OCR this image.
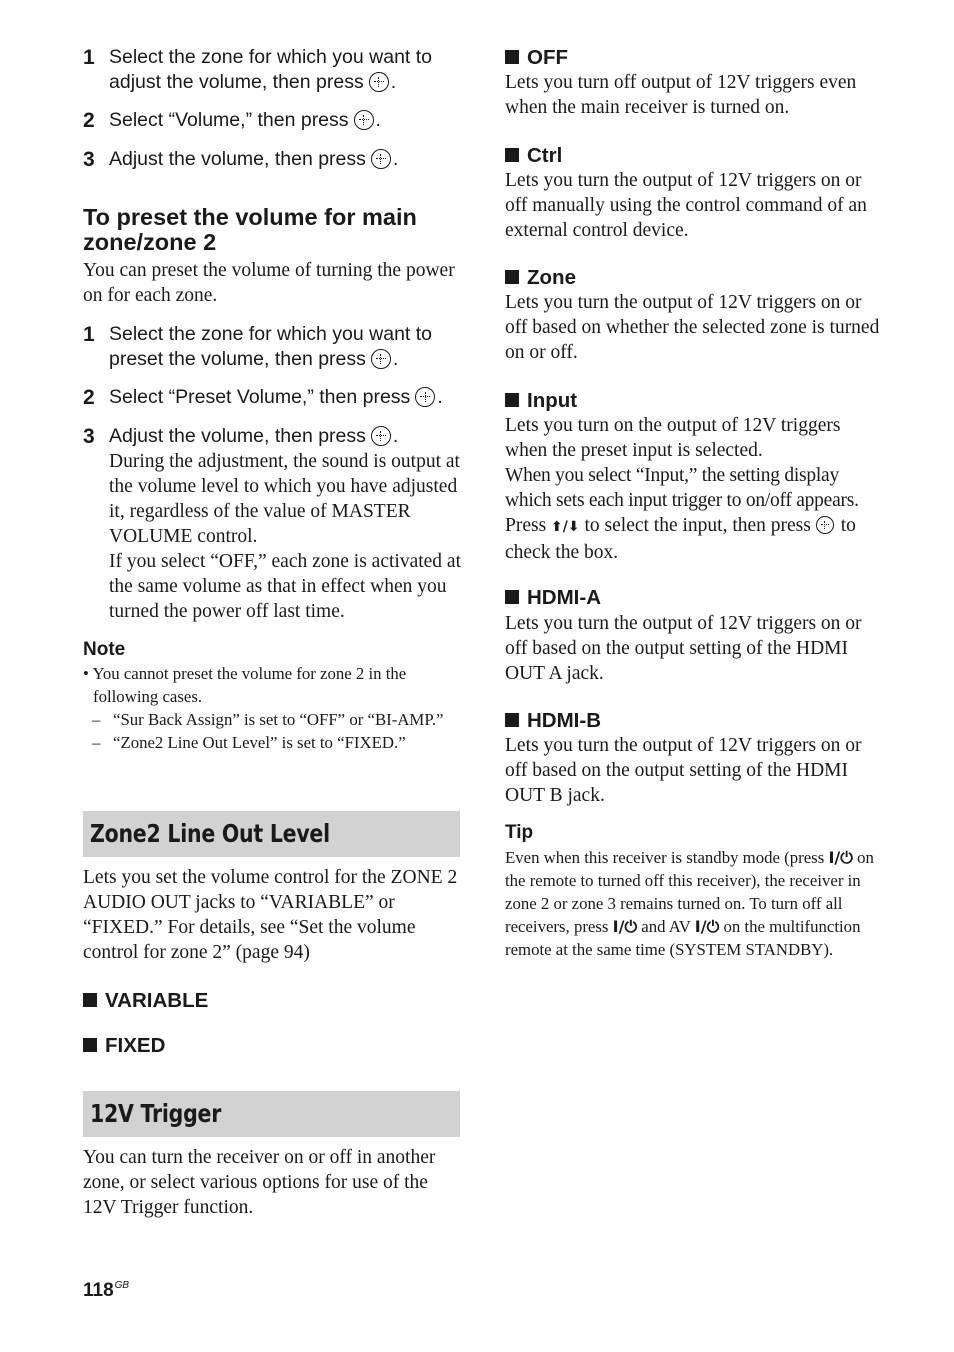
1 Select the zone for which you want to adjust the volume, then press .
2 Select “Volume,” then press .
3 Adjust the volume, then press .
To preset the volume for main zone/zone 2
You can preset the volume of turning the power on for each zone.
1 Select the zone for which you want to preset the volume, then press .
2 Select “Preset Volume,” then press .
3 Adjust the volume, then press .
During the adjustment, the sound is output at the volume level to which you have adjusted it, regardless of the value of MASTER VOLUME control.
If you select “OFF,” each zone is activated at the same volume as that in effect when you turned the power off last time.
Note
• You cannot preset the volume for zone 2 in the following cases.
– “Sur Back Assign” is set to “OFF” or “BI-AMP.”
– “Zone2 Line Out Level” is set to “FIXED.”
Zone2 Line Out Level
Lets you set the volume control for the ZONE 2 AUDIO OUT jacks to “VARIABLE” or “FIXED.” For details, see “Set the volume control for zone 2” (page 94)
VARIABLE
FIXED
12V Trigger
You can turn the receiver on or off in another zone, or select various options for use of the 12V Trigger function.
OFF
Lets you turn off output of 12V triggers even when the main receiver is turned on.
Ctrl
Lets you turn the output of 12V triggers on or off manually using the control command of an external control device.
Zone
Lets you turn the output of 12V triggers on or off based on whether the selected zone is turned on or off.
Input
Lets you turn on the output of 12V triggers when the preset input is selected.
When you select “Input,” the setting display which sets each input trigger to on/off appears.
Press ⬆/⬇ to select the input, then press to check the box.
HDMI-A
Lets you turn the output of 12V triggers on or off based on the output setting of the HDMI OUT A jack.
HDMI-B
Lets you turn the output of 12V triggers on or off based on the output setting of the HDMI OUT B jack.
Tip
Even when this receiver is standby mode (press I/⏻ on the remote to turned off this receiver), the receiver in zone 2 or zone 3 remains turned on. To turn off all receivers, press I/⏻ and AV I/⏻ on the multifunction remote at the same time (SYSTEM STANDBY).
$118^{GB}$
